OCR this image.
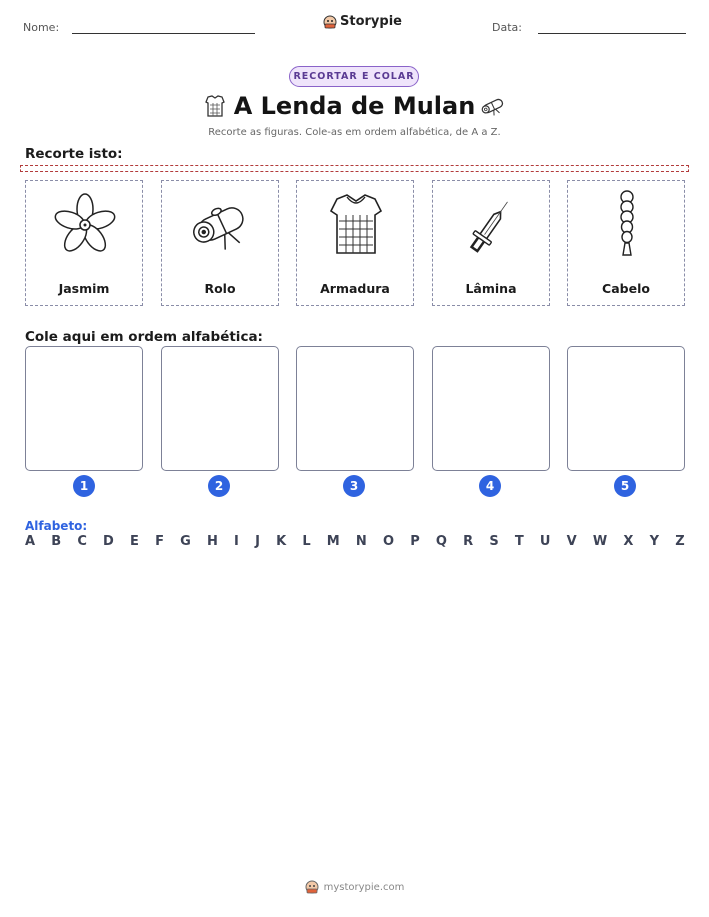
Nome:	Storypie	Data:
RECORTAR E COLAR
A Lenda de Mulan
Recorte as figuras. Cole-as em ordem alfabética, de A a Z.
Recorte isto:
Jasmim	Rolo	Armadura	Lâmina	Cabelo
Cole aqui em ordem alfabética:
1	2	3	4	5
Alfabeto:
A B C D E F G H I J K L M N O P Q R S T U V W X Y Z
mystorypie.com
